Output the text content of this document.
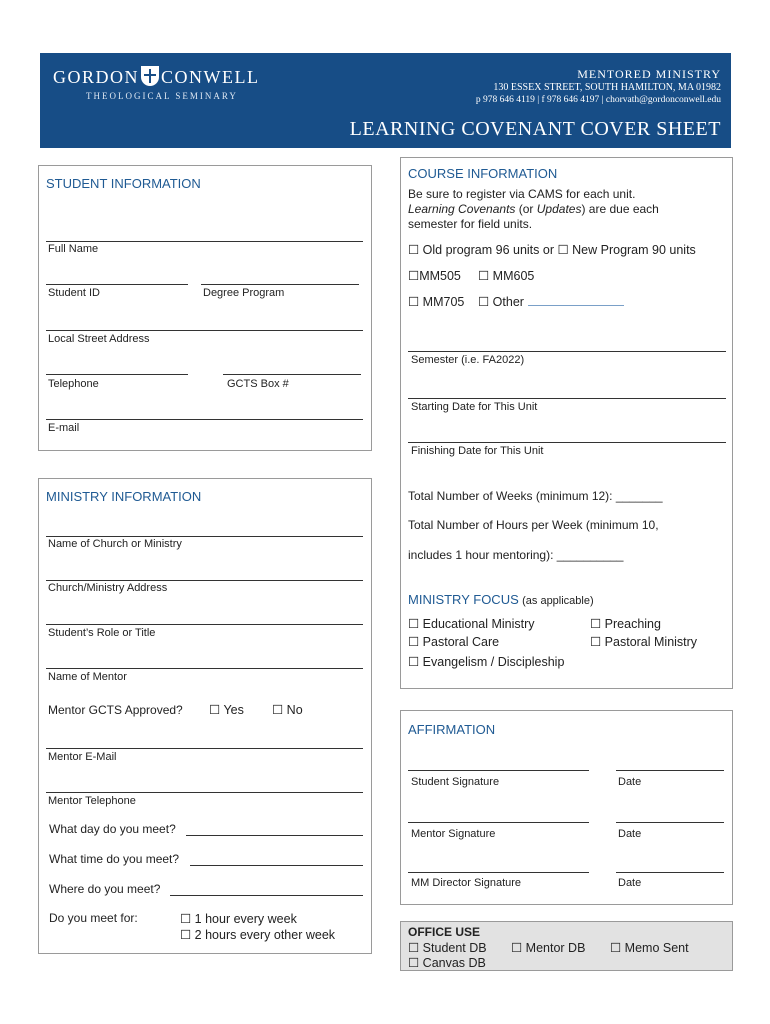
GORDON CONWELL
THEOLOGICAL SEMINARY
MENTORED MINISTRY
130 ESSEX STREET, SOUTH HAMILTON, MA 01982
p 978 646 4119 | f 978 646 4197 | chorvath@gordonconwell.edu
LEARNING COVENANT COVER SHEET
STUDENT INFORMATION
Full Name
Student ID	Degree Program
Local Street Address
Telephone	GCTS Box #
E-mail
MINISTRY INFORMATION
Name of Church or Ministry
Church/Ministry Address
Student’s Role or Title
Name of Mentor
Mentor GCTS Approved? ☐ Yes ☐ No
Mentor E-Mail
Mentor Telephone
What day do you meet?
What time do you meet?
Where do you meet?
Do you meet for:	☐ 1 hour every week
☐ 2 hours every other week
COURSE INFORMATION
Be sure to register via CAMS for each unit.
Learning Covenants (or Updates) are due each
semester for field units.
☐ Old program 96 units or ☐ New Program 90 units
☐MM505 ☐ MM605
☐ MM705 ☐ Other
Semester (i.e. FA2022)
Starting Date for This Unit
Finishing Date for This Unit
Total Number of Weeks (minimum 12): _______
Total Number of Hours per Week (minimum 10,
includes 1 hour mentoring): __________
MINISTRY FOCUS (as applicable)
☐ Educational Ministry	☐ Preaching
☐ Pastoral Care	☐ Pastoral Ministry
☐ Evangelism / Discipleship
AFFIRMATION
Student Signature	Date
Mentor Signature	Date
MM Director Signature	Date
OFFICE USE
☐ Student DB ☐ Mentor DB ☐ Memo Sent
☐ Canvas DB
